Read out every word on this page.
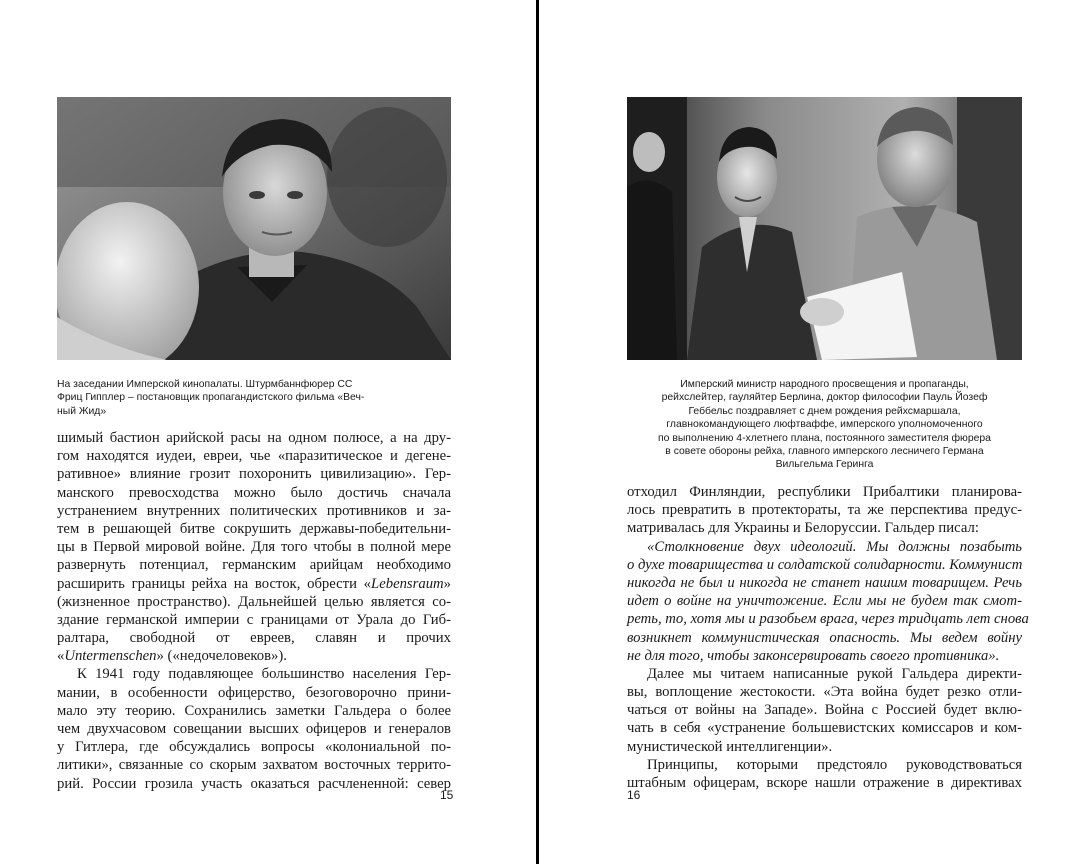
На заседании Имперской кинопалаты. Штурмбаннфюрер СС
Фриц Гипплер – постановщик пропагандистского фильма «Веч-
ный Жид»
шимый бастион арийской расы на одном полюсе, а на дру-
гом находятся иудеи, евреи, чье «паразитическое и дегене-
ративное» влияние грозит похоронить цивилизацию». Гер-
манского превосходства можно было достичь сначала
устранением внутренних политических противников и за-
тем в решающей битве сокрушить державы-победительни-
цы в Первой мировой войне. Для того чтобы в полной мере
развернуть потенциал, германским арийцам необходимо
расширить границы рейха на восток, обрести «Lebensraum»
(жизненное пространство). Дальнейшей целью является со-
здание германской империи с границами от Урала до Гиб-
ралтара, свободной от евреев, славян и прочих
«Untermenschen» («недочеловеков»).
К 1941 году подавляющее большинство населения Гер-
мании, в особенности офицерство, безоговорочно прини-
мало эту теорию. Сохранились заметки Гальдера о более
чем двухчасовом совещании высших офицеров и генералов
у Гитлера, где обсуждались вопросы «колониальной по-
литики», связанные со скорым захватом восточных террито-
рий. России грозила участь оказаться расчлененной: север
15
Имперский министр народного просвещения и пропаганды,
рейхслейтер, гауляйтер Берлина, доктор философии Пауль Йозеф
Геббельс поздравляет с днем рождения рейхсмаршала,
главнокомандующего люфтваффе, имперского уполномоченного
по выполнению 4-хлетнего плана, постоянного заместителя фюрера
в совете обороны рейха, главного имперского лесничего Германа
Вильгельма Геринга
отходил Финляндии, республики Прибалтики планирова-
лось превратить в протектораты, та же перспектива предус-
матривалась для Украины и Белоруссии. Гальдер писал:
«Столкновение двух идеологий. Мы должны позабыть
о духе товарищества и солдатской солидарности. Коммунист
никогда не был и никогда не станет нашим товарищем. Речь
идет о войне на уничтожение. Если мы не будем так смот-
реть, то, хотя мы и разобьем врага, через тридцать лет снова
возникнет коммунистическая опасность. Мы ведем войну
не для того, чтобы законсервировать своего противника».
Далее мы читаем написанные рукой Гальдера директи-
вы, воплощение жестокости. «Эта война будет резко отли-
чаться от войны на Западе». Война с Россией будет вклю-
чать в себя «устранение большевистских комиссаров и ком-
мунистической интеллигенции».
Принципы, которыми предстояло руководствоваться
штабным офицерам, вскоре нашли отражение в директивах
16
